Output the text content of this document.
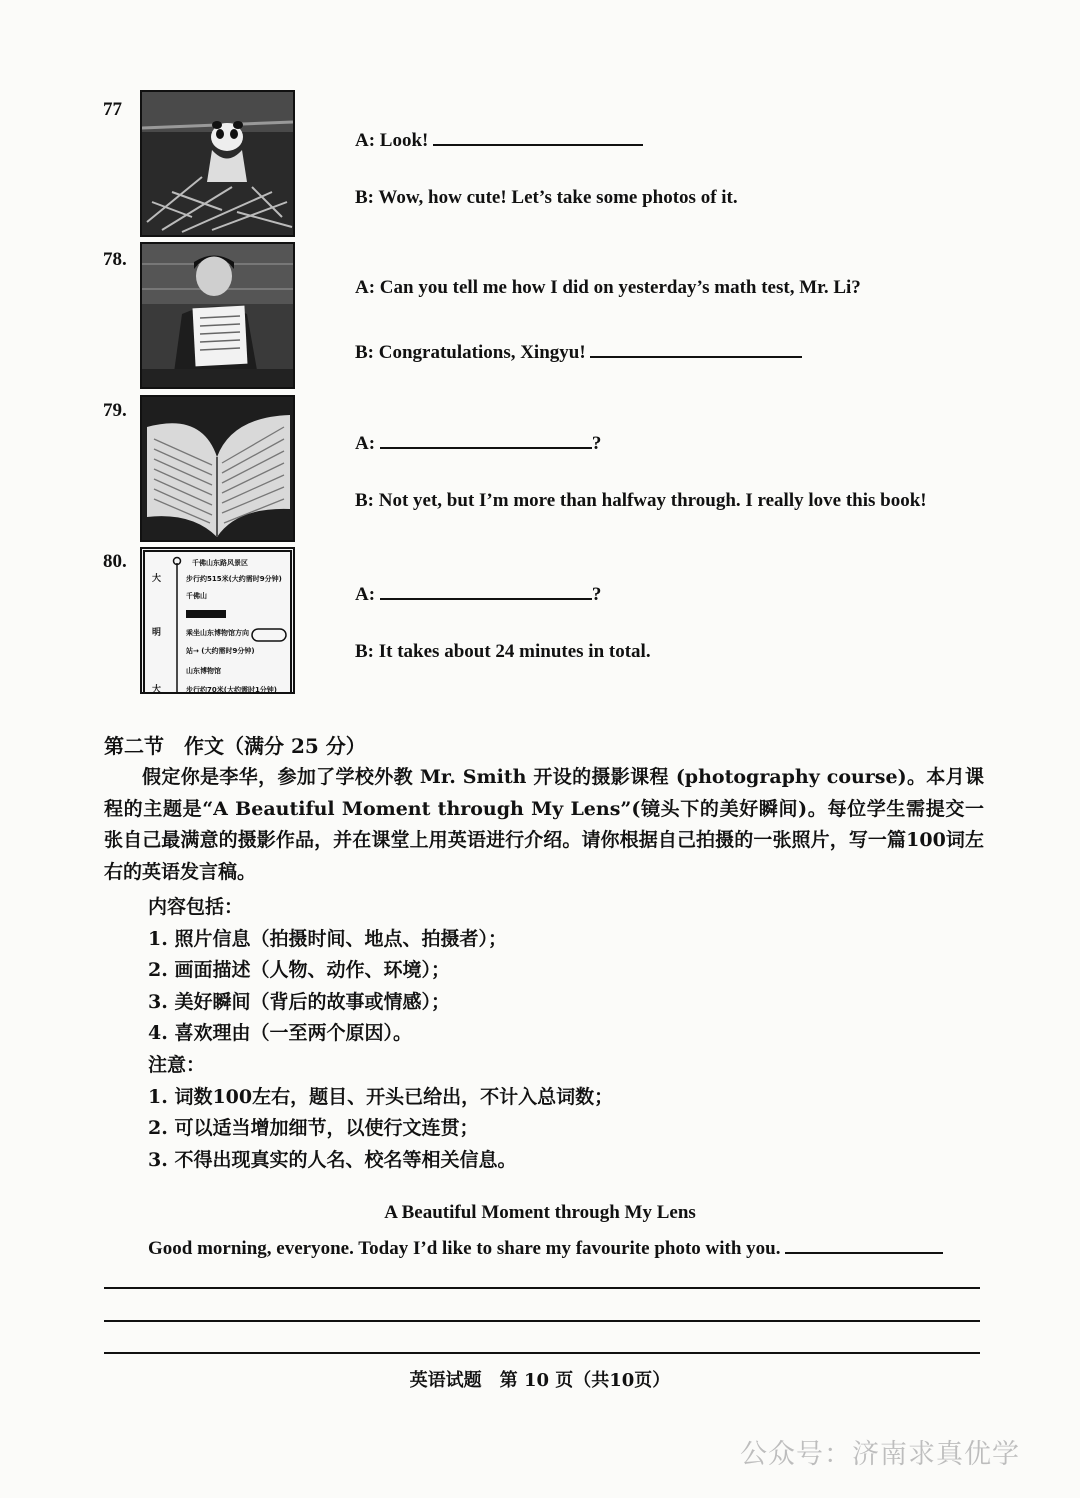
77
A: Look!
B: Wow, how cute! Let’s take some photos of it.
78.
A: Can you tell me how I did on yesterday’s math test, Mr. Li?
B: Congratulations, Xingyu!
79.
A:	?
B: Not yet, but I’m more than halfway through. I really love this book!
80.	千佛山东路风景区
步行约515米(大约需时9分钟)
千佛山
乘坐山东博物馆方向
站→ (大约需时9分钟)
山东博物馆
步行约70米(大约需时1分钟)
山东博物馆
大
明
大
A:	?
B: It takes about 24 minutes in total.
第二节　作文（满分 25 分）
假定你是李华，参加了学校外教 Mr. Smith 开设的摄影课程 (photography course)。本月课程的主题是“A Beautiful Moment through My Lens”(镜头下的美好瞬间)。每位学生需提交一张自己最满意的摄影作品，并在课堂上用英语进行介绍。请你根据自己拍摄的一张照片，写一篇100词左右的英语发言稿。
内容包括：
1. 照片信息（拍摄时间、地点、拍摄者）；
2. 画面描述（人物、动作、环境）；
3. 美好瞬间（背后的故事或情感）；
4. 喜欢理由（一至两个原因）。
注意：
1. 词数100左右，题目、开头已给出，不计入总词数；
2. 可以适当增加细节，以使行文连贯；
3. 不得出现真实的人名、校名等相关信息。
A Beautiful Moment through My Lens
Good morning, everyone. Today I’d like to share my favourite photo with you.
英语试题　第 10 页（共10页）
公众号：济南求真优学
